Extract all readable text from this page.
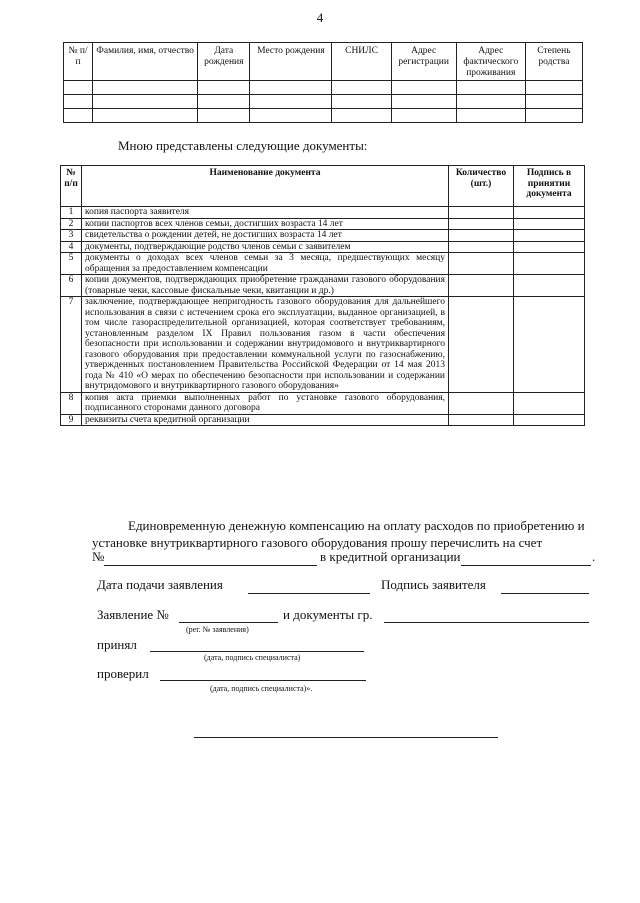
4
№ п/п	Фамилия, имя, отчество	Дата рождения	Место рождения	СНИЛС	Адрес регистрации	Адрес фактического проживания	Степень родства

Мною представлены следующие документы:
№ п/п	Наименование документа	Количество (шт.)	Подпись в принятии документа
1	копия паспорта заявителя		
2	копии паспортов всех членов семьи, достигших возраста 14 лет		
3	свидетельства о рождении детей, не достигших возраста 14 лет		
4	документы, подтверждающие родство членов семьи с заявителем		
5	документы о доходах всех членов семьи за 3 месяца, предшествующих месяцу обращения за предоставлением компенсации		
6	копии документов, подтверждающих приобретение гражданами газового оборудования (товарные чеки, кассовые фискальные чеки, квитанции и др.)		
7	заключение, подтверждающее непригодность газового оборудования для дальнейшего использования в связи с истечением срока его эксплуатации, выданное организацией, в том числе газораспределительной организацией, которая соответствует требованиям, установленным разделом IX Правил пользования газом в части обеспечения безопасности при использовании и содержании внутридомового и внутриквартирного газового оборудования при предоставлении коммунальной услуги по газоснабжению, утвержденных постановлением Правительства Российской Федерации от 14 мая 2013 года № 410 «О мерах по обеспечению безопасности при использовании и содержании внутридомового и внутриквартирного газового оборудования»		
8	копия акта приемки выполненных работ по установке газового оборудования, подписанного сторонами данного договора		
9	реквизиты счета кредитной организации		
Единовременную денежную компенсацию на оплату расходов по приобретению и
установке внутриквартирного газового оборудования прошу перечислить на счет
№	в кредитной организации	.
Дата подачи заявления	Подпись заявителя
Заявление №
(рег. № заявления)
и документы гр.
принял
(дата, подпись специалиста)
проверил
(дата, подпись специалиста)».
